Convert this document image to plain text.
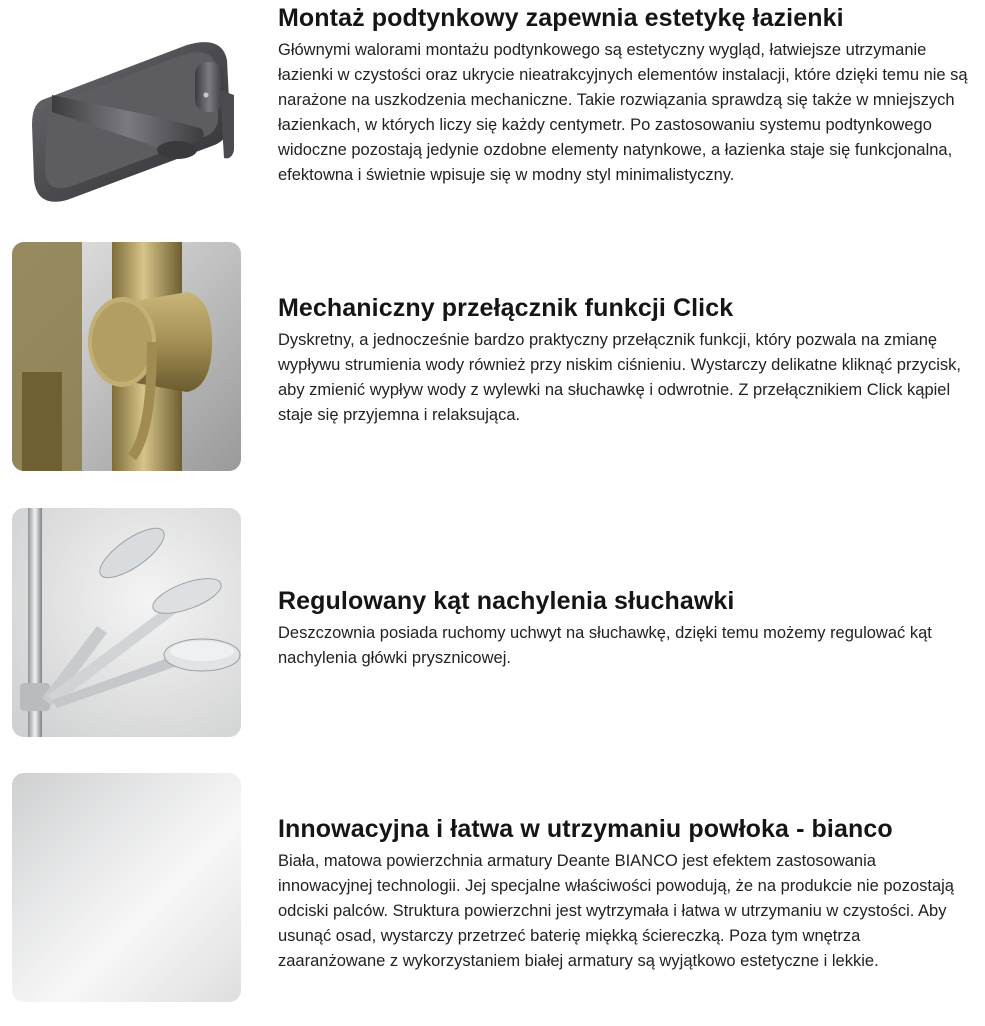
Montaż podtynkowy zapewnia estetykę łazienki

Głównymi walorami montażu podtynkowego są estetyczny wygląd, łatwiejsze utrzymanie łazienki w czystości oraz ukrycie nieatrakcyjnych elementów instalacji, które dzięki temu nie są narażone na uszkodzenia mechaniczne. Takie rozwiązania sprawdzą się także w mniejszych łazienkach, w których liczy się każdy centymetr. Po zastosowaniu systemu podtynkowego widoczne pozostają jedynie ozdobne elementy natynkowe, a łazienka staje się funkcjonalna, efektowna i świetnie wpisuje się w modny styl minimalistyczny.

Mechaniczny przełącznik funkcji Click

Dyskretny, a jednocześnie bardzo praktyczny przełącznik funkcji, który pozwala na zmianę wypływu strumienia wody również przy niskim ciśnieniu. Wystarczy delikatne kliknąć przycisk, aby zmienić wypływ wody z wylewki na słuchawkę i odwrotnie. Z przełącznikiem Click kąpiel staje się przyjemna i relaksująca.

Regulowany kąt nachylenia słuchawki

Deszczownia posiada ruchomy uchwyt na słuchawkę, dzięki temu możemy regulować kąt nachylenia główki prysznicowej.

Innowacyjna i łatwa w utrzymaniu powłoka - bianco

Biała, matowa powierzchnia armatury Deante BIANCO jest efektem zastosowania innowacyjnej technologii. Jej specjalne właściwości powodują, że na produkcie nie pozostają odciski palców. Struktura powierzchni jest wytrzymała i łatwa w utrzymaniu w czystości. Aby usunąć osad, wystarczy przetrzeć baterię miękką ściereczką. Poza tym wnętrza zaaranżowane z wykorzystaniem białej armatury są wyjątkowo estetyczne i lekkie.
